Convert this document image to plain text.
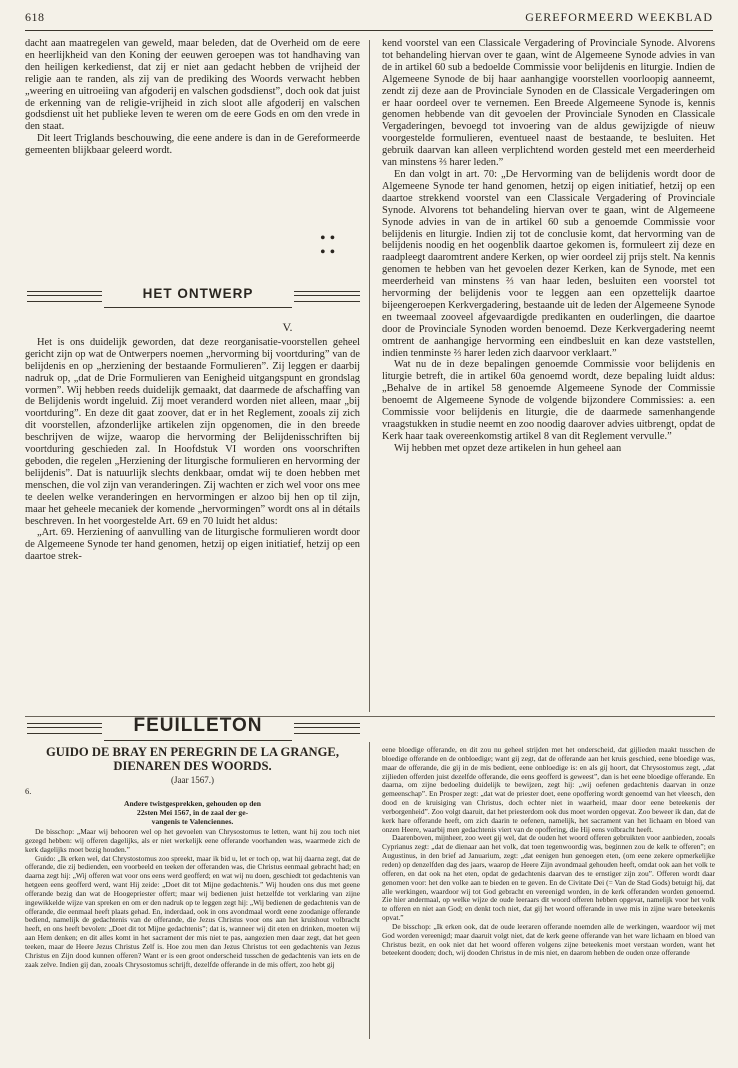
618	GEREFORMEERD WEEKBLAD

dacht aan maatregelen van geweld, maar beleden, dat de Overheid om de eere en heerlijkheid van den Koning der eeuwen geroepen was tot handhaving van den heiligen kerkedienst, dat zij er niet aan gedacht hebben de vrijheid der religie aan te randen, als zij van de prediking des Woords verwacht hebben „weering en uitroeiing van afgoderij en valschen godsdienst”, doch ook dat juist de erkenning van de religie-vrijheid in zich sloot alle afgoderij en valschen godsdienst uit het publieke leven te weren om de eere Gods en om den vrede in den staat.

Dit leert Triglands beschouwing, die eene andere is dan in de Gereformeerde gemeenten blijkbaar geleerd wordt.

• •
• •
HET ONTWERP

V.

Het is ons duidelijk geworden, dat deze reorganisatie-voorstellen geheel gericht zijn op wat de Ontwerpers noemen „hervorming bij voortduring” van de belijdenis en op „herziening der bestaande Formulieren”. Zij leggen er daarbij nadruk op, „dat de Drie Formulieren van Eenigheid uitgangspunt en grondslag vormen”. Wij hebben reeds duidelijk gemaakt, dat daarmede de afschaffing van de Belijdenis wordt ingeluid. Zij moet veranderd worden niet alleen, maar „bij voortduring”. En deze dit gaat zoover, dat er in het Reglement, zooals zij zich dit voorstellen, afzonderlijke artikelen zijn opgenomen, die in den breede beschrijven de wijze, waarop die hervorming der Belijdenisschriften bij voortduring geschieden zal. In Hoofdstuk VI worden ons voorschriften geboden, die regelen „Herziening der liturgische formulieren en hervorming der belijdenis”. Dat is natuurlijk slechts denkbaar, omdat wij te doen hebben met menschen, die vol zijn van veranderingen. Zij wachten er zich wel voor ons mee te deelen welke veranderingen en hervormingen er alzoo bij hen op til zijn, maar het geheele mecaniek der komende „hervormingen” wordt ons al in détails beschreven. In het voorgestelde Art. 69 en 70 luidt het aldus:

„Art. 69. Herziening of aanvulling van de liturgische formulieren wordt door de Algemeene Synode ter hand genomen, hetzij op eigen initiatief, hetzij op een daartoe strek-

kend voorstel van een Classicale Vergadering of Provinciale Synode. Alvorens tot behandeling hiervan over te gaan, wint de Algemeene Synode advies in van de in artikel 60 sub a bedoelde Commissie voor belijdenis en liturgie. Indien de Algemeene Synode de bij haar aanhangige voorstellen voorloopig aanneemt, zendt zij deze aan de Provinciale Synoden en de Classicale Vergaderingen om er haar oordeel over te vernemen. Een Breede Algemeene Synode is, kennis genomen hebbende van dit gevoelen der Provinciale Synoden en Classicale Vergaderingen, bevoegd tot invoering van de aldus gewijzigde of nieuw voorgestelde formulieren, eventueel naast de bestaande, te besluiten. Het gebruik daarvan kan alleen verplichtend worden gesteld met een meerderheid van minstens ⅔ harer leden.”

En dan volgt in art. 70: „De Hervorming van de belijdenis wordt door de Algemeene Synode ter hand genomen, hetzij op eigen initiatief, hetzij op een daartoe strekkend voorstel van een Classicale Vergadering of Provinciale Synode. Alvorens tot behandeling hiervan over te gaan, wint de Algemeene Synode advies in van de in artikel 60 sub a genoemde Commissie voor belijdenis en liturgie. Indien zij tot de conclusie komt, dat hervorming van de belijdenis noodig en het oogenblik daartoe gekomen is, formuleert zij deze en raadpleegt daaromtrent andere Kerken, op wier oordeel zij prijs stelt. Na kennis genomen te hebben van het gevoelen dezer Kerken, kan de Synode, met een meerderheid van minstens ⅔ van haar leden, besluiten een voorstel tot hervorming der belijdenis voor te leggen aan een opzettelijk daartoe bijeengeroepen Kerkvergadering, bestaande uit de leden der Algemeene Synode en tweemaal zooveel afgevaardigde predikanten en ouderlingen, die daartoe door de Provinciale Synoden worden benoemd. Deze Kerkvergadering neemt omtrent de aanhangige hervorming een eindbesluit en kan deze vaststellen, indien tenminste ⅔ harer leden zich daarvoor verklaart.”

Wat nu de in deze bepalingen genoemde Commissie voor belijdenis en liturgie betreft, die in artikel 60a genoemd wordt, deze bepaling luidt aldus: „Behalve de in artikel 58 genoemde Algemeene Synode der Commissie benoemt de Algemeene Synode de volgende bijzondere Commissies: a. een Commissie voor belijdenis en liturgie, die de daarmede samenhangende vraagstukken in studie neemt en zoo noodig daarover advies uitbrengt, opdat de Kerk haar taak overeenkomstig artikel 8 van dit Reglement vervulle.”

Wij hebben met opzet deze artikelen in hun geheel aan

FEUILLETON
GUIDO DE BRAY EN PEREGRIN DE LA GRANGE,
DIENAREN DES WOORDS.
(Jaar 1567.)
6.
Andere twistgesprekken, gehouden op den
22sten Mei 1567, in de zaal der ge-
vangenis te Valenciennes.

De bisschop: „Maar wij behooren wel op het gevoelen van Chrysostomus te letten, want hij zou toch niet gezegd hebben: wij offeren dagelijks, als er niet werkelijk eene offerande voorhanden was, waarmede zich de kerk dagelijks moet bezig houden.”

Guido: „Ik erken wel, dat Chrystostomus zoo spreekt, maar ik bid u, let er toch op, wat hij daarna zegt, dat de offerande, die zij bedienden, een voorbeeld en teeken der offeranden was, die Christus eenmaal gebracht had; en daarna zegt hij: „Wij offeren wat voor ons eens werd geofferd; en wat wij nu doen, geschiedt tot gedachtenis van hetgeen eens geofferd werd, want Hij zeide: „Doet dit tot Mijne gedachtenis.” Wij houden ons dus met geene offerande bezig dan wat de Hoogepriester offert; maar wij bedienen juist hetzelfde tot verklaring van zijne ingewikkelde wijze van spreken en om er den nadruk op te leggen zegt hij: „Wij bedienen de gedachtenis van de offerande, die eenmaal heeft plaats gehad. En, inderdaad, ook in ons avondmaal wordt eene zoodanige offerande bediend, namelijk de gedachtenis van de offerande, die Jezus Christus voor ons aan het kruishout volbracht heeft, en ons heeft bevolen: „Doet dit tot Mijne gedachtenis”; dat is, wanneer wij dit eten en drinken, moeten wij aan Hem denken; en dit alles komt in het sacrament der mis niet te pas, aangezien men daar zegt, dat het geen teeken, maar de Heere Jezus Christus Zelf is. Hoe zou men dan Jezus Christus tot een gedachtenis van Jezus Christus en Zijn dood kunnen offeren? Want er is een groot onderscheid tusschen de gedachtenis van iets en de zaak zelve. Indien gij dan, zooals Chrysostomus schrijft, dezelfde offerande in de mis offert, zoo hebt gij

eene bloedige offerande, en dit zou nu geheel strijden met het onderscheid, dat gijlieden maakt tusschen de bloedige offerande en de onbloedige; want gij zegt, dat de offerande aan het kruis geschied, eene bloedige was, maar de offerande, die gij in de mis bedient, eene onbloedige is: en als gij hoort, dat Chrysostomus zegt, „dat zijlieden offerden juist dezelfde offerande, die eens geofferd is geweest”, dan is het eene bloedige offerande. En daarna, om zijne bedoeling duidelijk te bewijzen, zegt hij: „wij oefenen gedachtenis daarvan in onze gemeenschap”. En Prosper zegt: „dat wat de priester doet, eene opoffering wordt genoemd van het vleesch, den dood en de kruisiging van Christus, doch echter niet in waarheid, maar door eene beteekenis der verborgenheid”. Zoo volgt daaruit, dat het priesterdom ook dus moet worden opgevat. Zoo beweer ik dan, dat de kerk hare offerande heeft, om zich daarin te oefenen, namelijk, het sacrament van het lichaam en bloed van onzen Heere, waarbij men gedachtenis viert van de opoffering, die Hij eens volbracht heeft.

Daarenboven, mijnheer, zoo weet gij wel, dat de ouden het woord offeren gebruikten voor aanbieden, zooals Cyprianus zegt: „dat de dienaar aan het volk, dat toen tegenwoordig was, beginnen zou de kelk te offeren”; en Augustinus, in den brief ad Januarium, zegt: „dat eenigen hun genoegen eten, (om eene zekere opmerkelijke reden) op denzelfden dag des jaars, waarop de Heere Zijn avondmaal gehouden heeft, omdat ook aan het volk te offeren, en dat ook na het eten, opdat de gedachtenis daarvan des te ernstiger zijn zou”. Offeren wordt daar genomen voor: het den volke aan te bieden en te geven. En de Civitate Dei (= Van de Stad Gods) betuigt hij, dat alle werkingen, waardoor wij tot God gebracht en vereenigd worden, in de kerk offeranden worden genoemd. Zie hier andermaal, op welke wijze de oude leeraars dit woord offeren hebben opgevat, namelijk voor het volk te offeren en niet aan God; en denkt toch niet, dat gij het woord offerande in uwe mis in zijne ware beteekenis opvat.”

De bisschop: „Ik erken ook, dat de oude leeraren offerande noemden alle de werkingen, waardoor wij met God worden vereenigd; maar daaruit volgt niet, dat de kerk geene offerande van het ware lichaam en bloed van Christus bezit, en ook niet dat het woord offeren volgens zijne beteekenis moet verstaan worden, want het beteekent dooden; doch, wij dooden Christus in de mis niet, en daarom hebben de ouden onze offerande
